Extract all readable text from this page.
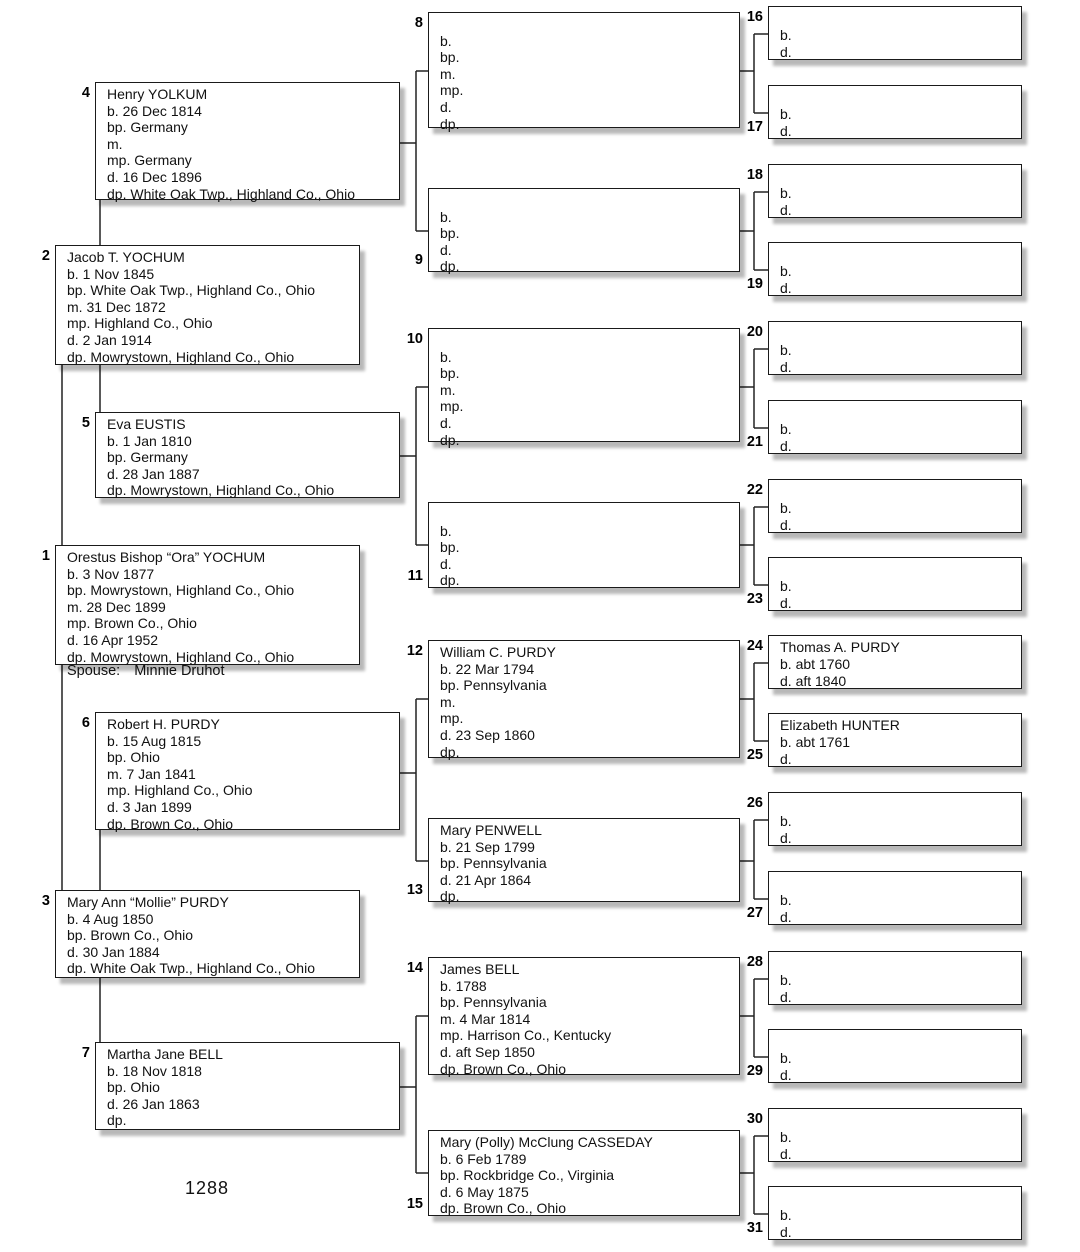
1 Orestus Bishop “Ora” YOCHUM
b. 3 Nov 1877
bp. Mowrystown, Highland Co., Ohio
m. 28 Dec 1899
mp. Brown Co., Ohio
d. 16 Apr 1952
dp. Mowrystown, Highland Co., Ohio
2 Jacob T. YOCHUM
b. 1 Nov 1845
bp. White Oak Twp., Highland Co., Ohio
m. 31 Dec 1872
mp. Highland Co., Ohio
d. 2 Jan 1914
dp. Mowrystown, Highland Co., Ohio
3 Mary Ann “Mollie” PURDY
b. 4 Aug 1850
bp. Brown Co., Ohio
d. 30 Jan 1884
dp. White Oak Twp., Highland Co., Ohio
4 Henry YOLKUM
b. 26 Dec 1814
bp. Germany
m.
mp. Germany
d. 16 Dec 1896
dp. White Oak Twp., Highland Co., Ohio
5 Eva EUSTIS
b. 1 Jan 1810
bp. Germany
d. 28 Jan 1887
dp. Mowrystown, Highland Co., Ohio
6 Robert H. PURDY
b. 15 Aug 1815
bp. Ohio
m. 7 Jan 1841
mp. Highland Co., Ohio
d. 3 Jan 1899
dp. Brown Co., Ohio
7 Martha Jane BELL
b. 18 Nov 1818
bp. Ohio
d. 26 Jan 1863
dp.
8
b.
bp.
m.
mp.
d.
dp.
9
b.
bp.
d.
dp.
10
b.
bp.
m.
mp.
d.
dp.
11
b.
bp.
d.
dp.
12 William C. PURDY
b. 22 Mar 1794
bp. Pennsylvania
m.
mp.
d. 23 Sep 1860
dp.
13
Mary PENWELL
b. 21 Sep 1799
bp. Pennsylvania
d. 21 Apr 1864
dp.
14 James BELL
b. 1788
bp. Pennsylvania
m. 4 Mar 1814
mp. Harrison Co., Kentucky
d. aft Sep 1850
dp. Brown Co., Ohio
15
Mary (Polly) McClung CASSEDAY
b. 6 Feb 1789
bp. Rockbridge Co., Virginia
d. 6 May 1875
dp. Brown Co., Ohio
16
b.
d.
17
b.
d.
18
b.
d.
19
b.
d.
20
b.
d.
21
b.
d.
22
b.
d.
23
b.
d.
24 Thomas A. PURDY
b. abt 1760
d. aft 1840
25
Elizabeth HUNTER
b. abt 1761
d.
26
b.
d.
27
b.
d.
28
b.
d.
29
b.
d.
30
b.
d.
31
b.
d.
Spouse: Minnie Druhot
1288
